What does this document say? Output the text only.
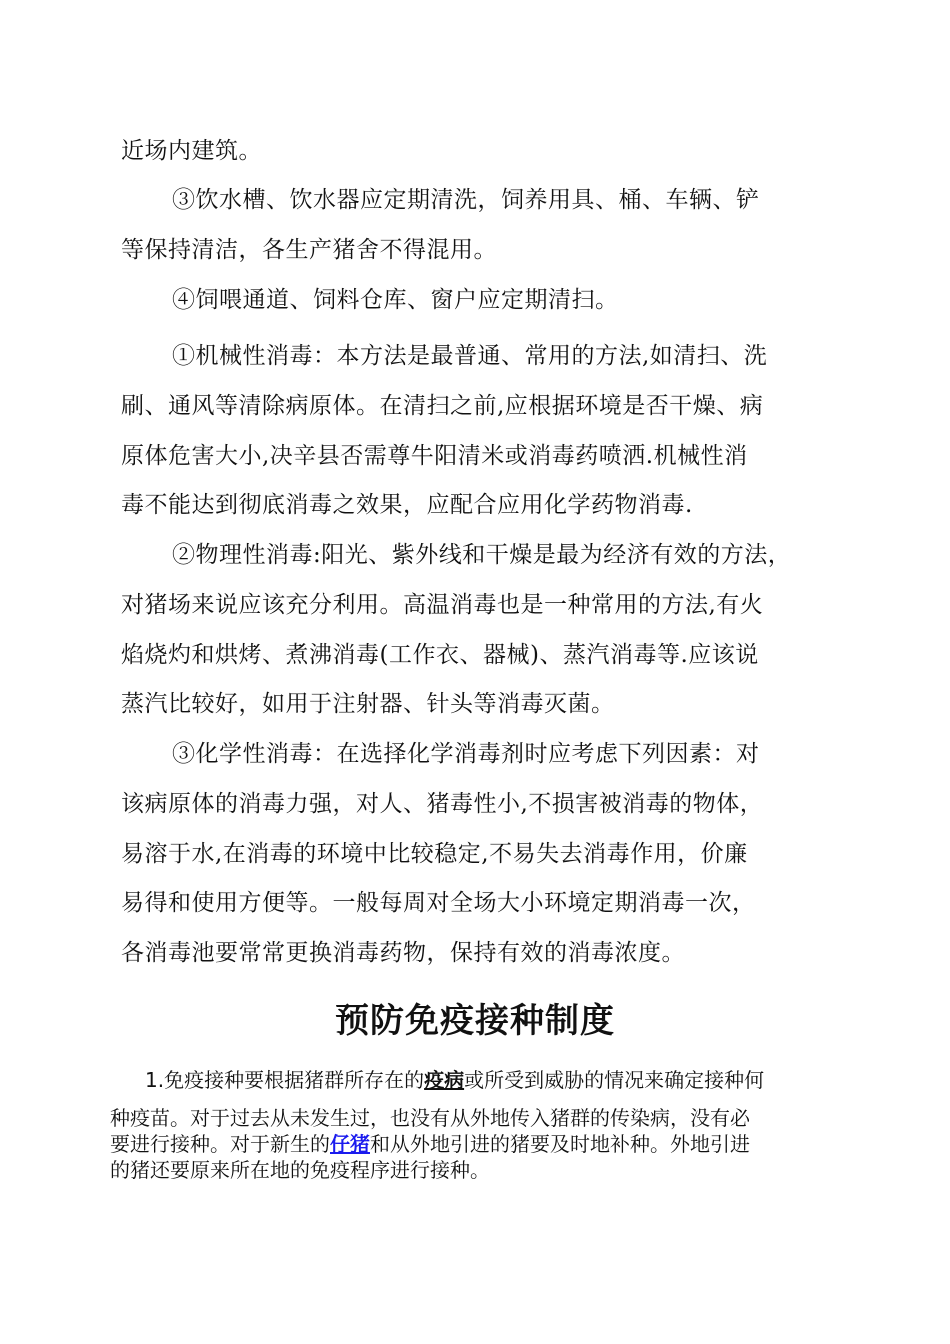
近场内建筑。
③饮水槽、饮水器应定期清洗，饲养用具、桶、车辆、铲
等保持清洁，各生产猪舍不得混用。
④饲喂通道、饲料仓库、窗户应定期清扫。
①机械性消毒：本方法是最普通、常用的方法,如清扫、洗
刷、通风等清除病原体。在清扫之前,应根据环境是否干燥、病
原体危害大小,决辛县否需尊牛阳清米或消毒药喷洒.机械性消
毒不能达到彻底消毒之效果，应配合应用化学药物消毒.
②物理性消毒:阳光、紫外线和干燥是最为经济有效的方法，
对猪场来说应该充分利用。高温消毒也是一种常用的方法,有火
焰烧灼和烘烤、煮沸消毒(工作衣、器械)、蒸汽消毒等.应该说
蒸汽比较好，如用于注射器、针头等消毒灭菌。
③化学性消毒：在选择化学消毒剂时应考虑下列因素：对
该病原体的消毒力强，对人、猪毒性小,不损害被消毒的物体，
易溶于水,在消毒的环境中比较稳定,不易失去消毒作用，价廉
易得和使用方便等。一般每周对全场大小环境定期消毒一次，
各消毒池要常常更换消毒药物，保持有效的消毒浓度。
预防免疫接种制度
1.免疫接种要根据猪群所存在的疫病或所受到威胁的情况来确定接种何
种疫苗。对于过去从未发生过，也没有从外地传入猪群的传染病，没有必
要进行接种。对于新生的仔猪和从外地引进的猪要及时地补种。外地引进
的猪还要原来所在地的免疫程序进行接种。
